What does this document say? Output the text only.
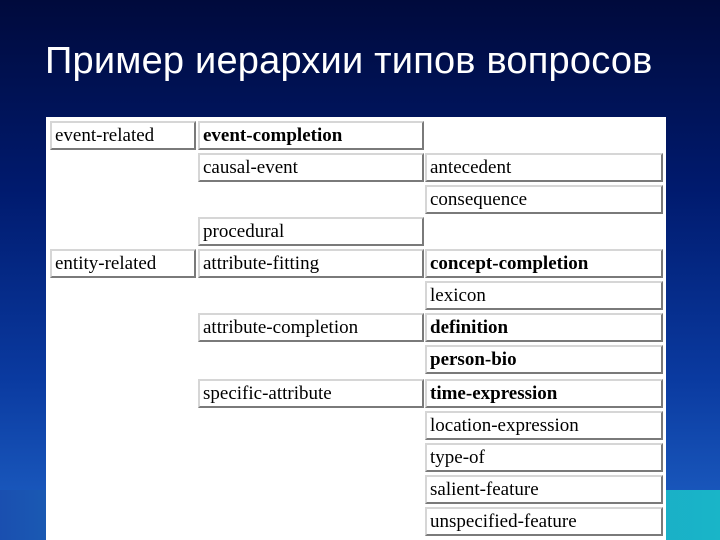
Пример иерархии типов вопросов
event-related
entity-related
event-completion
causal-event
procedural
attribute-fitting
attribute-completion
specific-attribute
antecedent
consequence
concept-completion
lexicon
definition
person-bio
time-expression
location-expression
type-of
salient-feature
unspecified-feature
